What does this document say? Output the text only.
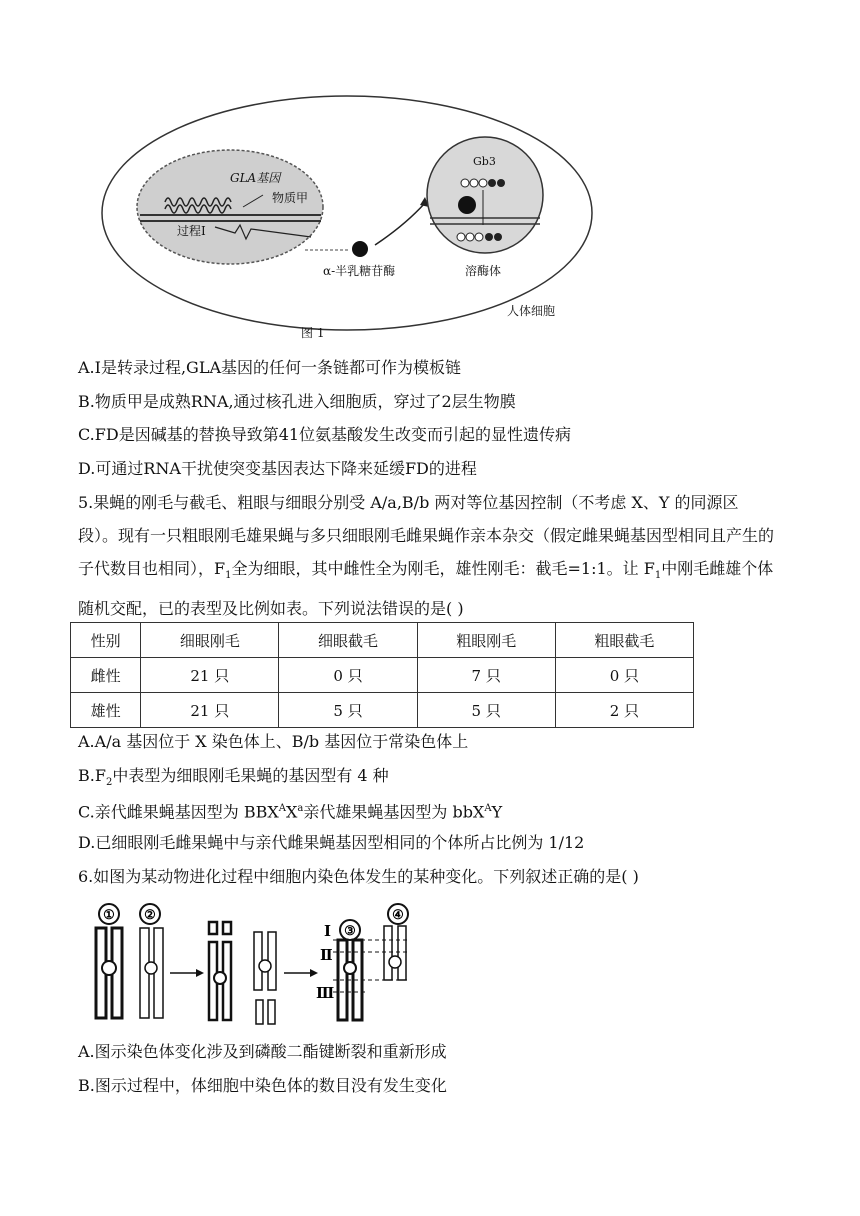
GLA基因
物质甲
过程Ⅰ
α-半乳糖苷酶
Gb3
溶酶体
人体细胞
图 1
A.Ⅰ是转录过程,GLA基因的任何一条链都可作为模板链
B.物质甲是成熟RNA,通过核孔进入细胞质，穿过了2层生物膜
C.FD是因碱基的替换导致第41位氨基酸发生改变而引起的显性遗传病
D.可通过RNA干扰使突变基因表达下降来延缓FD的进程
5.果蝇的刚毛与截毛、粗眼与细眼分别受 A/a,B/b 两对等位基因控制（不考虑 X、Y 的同源区段）。现有一只粗眼刚毛雄果蝇与多只细眼刚毛雌果蝇作亲本杂交（假定雌果蝇基因型相同且产生的子代数目也相同），$F_1$全为细眼，其中雌性全为刚毛，雄性刚毛：截毛=1:1。让 $F_1$中刚毛雌雄个体随机交配，已的表型及比例如表。下列说法错误的是( )
性别	细眼刚毛	细眼截毛	粗眼刚毛	粗眼截毛
雌性	21 只	0 只	7 只	0 只
雄性	21 只	5 只	5 只	2 只
A.A/a 基因位于 X 染色体上、B/b 基因位于常染色体上
$B.F_2$中表型为细眼刚毛果蝇的基因型有 4 种
C.亲代雌果蝇基因型为 $BBX^AX^a$亲代雄果蝇基因型为 bbX$^A$Y
D.已细眼刚毛雌果蝇中与亲代雌果蝇基因型相同的个体所占比例为 1/12
6.如图为某动物进化过程中细胞内染色体发生的某种变化。下列叙述正确的是( )
① ②
Ⅰ
Ⅱ
Ⅲ
③
④
A.图示染色体变化涉及到磷酸二酯键断裂和重新形成
B.图示过程中，体细胞中染色体的数目没有发生变化
